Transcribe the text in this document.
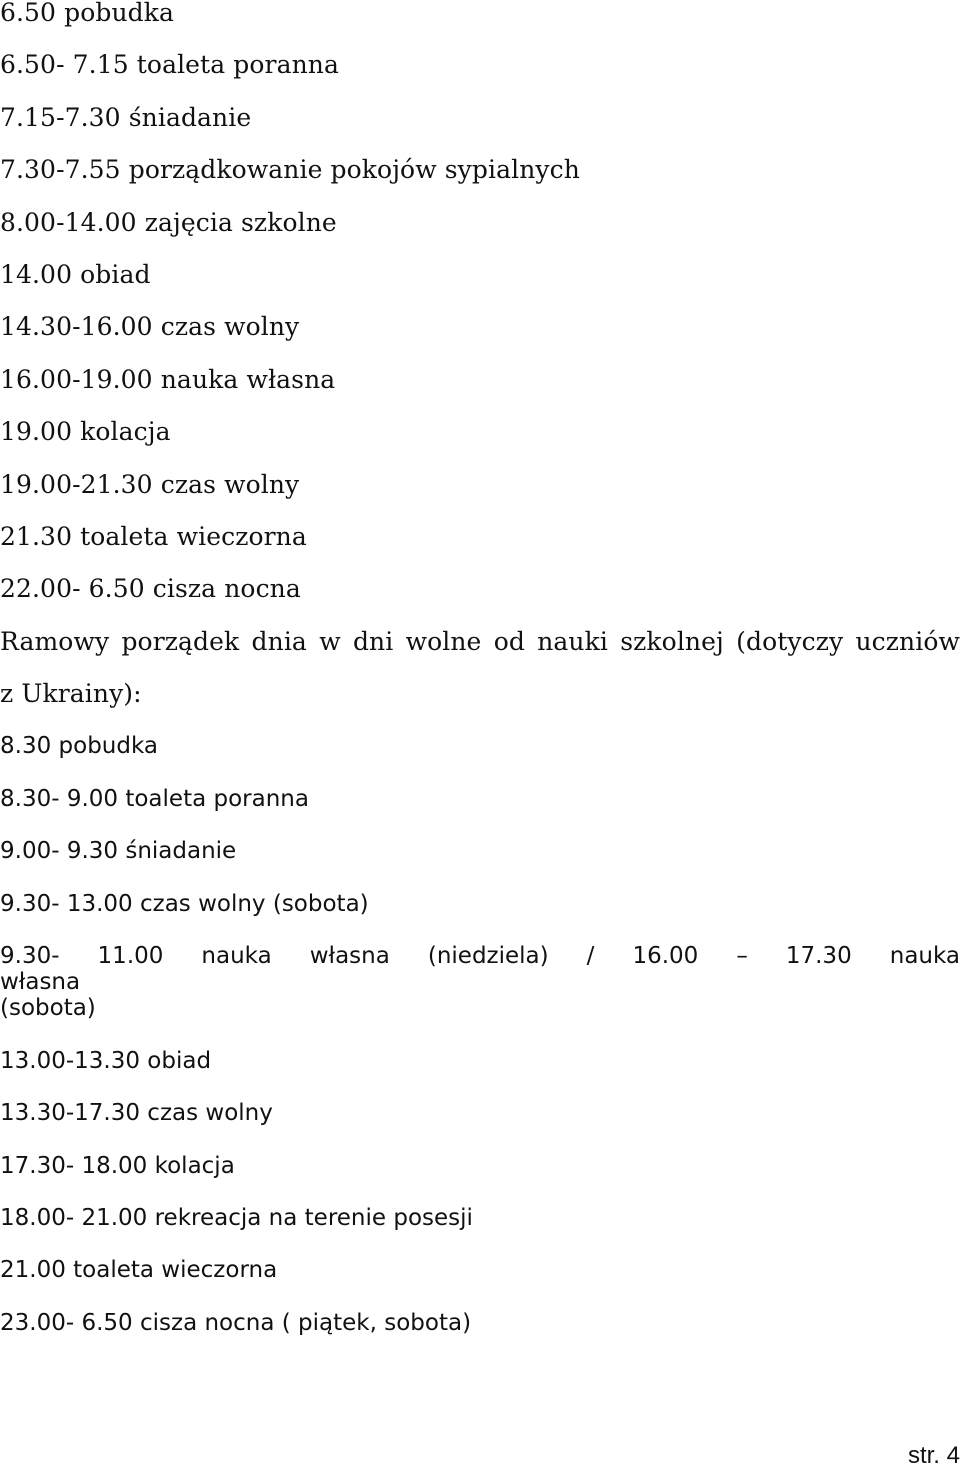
6.50 pobudka
6.50- 7.15 toaleta poranna
7.15-7.30 śniadanie
7.30-7.55 porządkowanie pokojów sypialnych
8.00-14.00 zajęcia szkolne
14.00 obiad
14.30-16.00 czas wolny
16.00-19.00 nauka własna
19.00 kolacja
19.00-21.30 czas wolny
21.30 toaleta wieczorna
22.00- 6.50 cisza nocna
Ramowy porządek dnia w dni wolne od nauki szkolnej (dotyczy uczniów
z Ukrainy):
8.30 pobudka
8.30- 9.00 toaleta poranna
9.00- 9.30 śniadanie
9.30- 13.00 czas wolny (sobota)
9.30- 11.00 nauka własna (niedziela) / 16.00 – 17.30 nauka własna
(sobota)
13.00-13.30 obiad
13.30-17.30 czas wolny
17.30- 18.00 kolacja
18.00- 21.00 rekreacja na terenie posesji
21.00 toaleta wieczorna
23.00- 6.50 cisza nocna ( piątek, sobota)
str. 4
